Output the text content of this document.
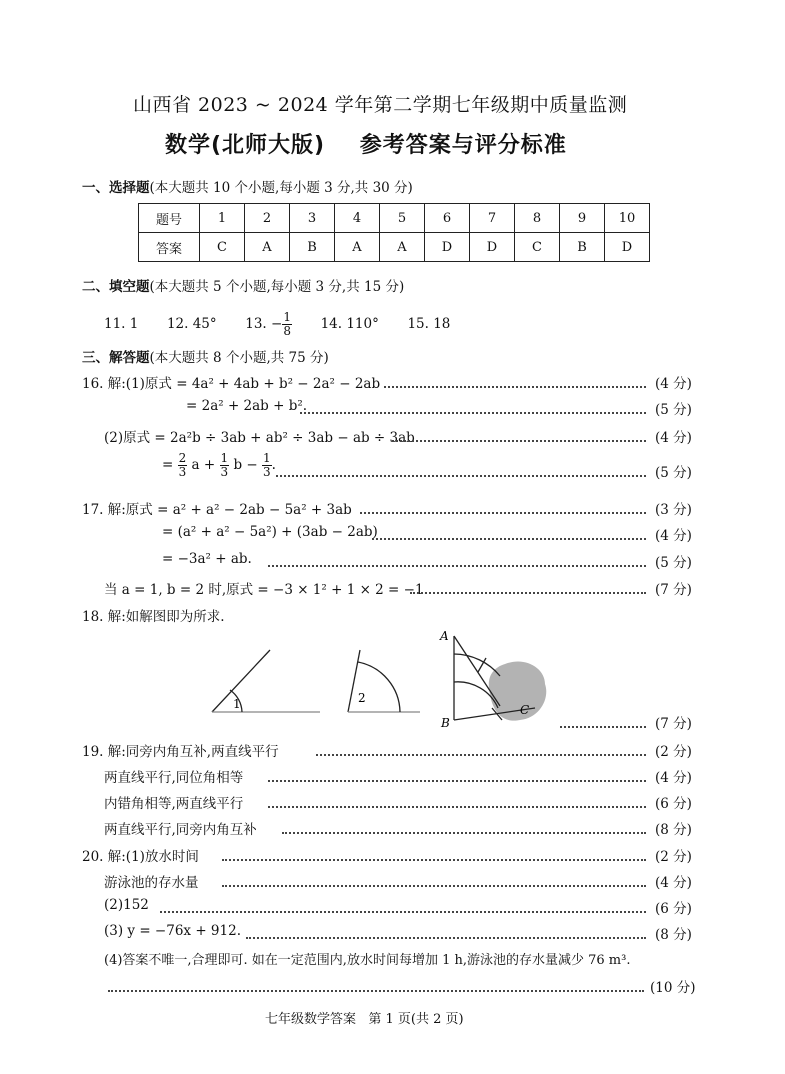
山西省 2023 ~ 2024 学年第二学期七年级期中质量监测
数学(北师大版)    参考答案与评分标准
一、选择题(本大题共 10 个小题,每小题 3 分,共 30 分)
题号	1	2	3	4	5	6	7	8	9	10
答案	C	A	B	A	A	D	D	C	B	D
二、填空题(本大题共 5 个小题,每小题 3 分,共 15 分)
11. 1 12. 45° 13. − $\frac{1}{8} 14$. 110° 15. 18
三、解答题(本大题共 8 个小题,共 75 分)
16. 解:(1)原式 = 4a² + 4ab + b² − 2a² − 2ab	(4 分)
= 2a² + 2ab + b².	(5 分)
(2)原式 = 2a²b ÷ 3ab + ab² ÷ 3ab − ab ÷ 3ab	(4 分)
= $\frac{2}{3}$ $a + \frac{1}{3}$ $b - \frac{1}{3}$ .	(5 分)
17. 解:原式 = a² + a² − 2ab − 5a² + 3ab	(3 分)
= (a² + a² − 5a²) + (3ab − 2ab)	(4 分)
= −3a² + ab.	(5 分)
当 a = 1, b = 2 时,原式 = −3 × 1² + 1 × 2 = −1.	(7 分)
18. 解:如解图即为所求.
1	2
A
B
C
(7 分)
19. 解:同旁内角互补,两直线平行	(2 分)
两直线平行,同位角相等	(4 分)
内错角相等,两直线平行	(6 分)
两直线平行,同旁内角互补	(8 分)
20. 解:(1)放水时间	(2 分)
游泳池的存水量	(4 分)
(2)152	(6 分)
(3) y = −76x + 912.	(8 分)
(4)答案不唯一,合理即可. 如在一定范围内,放水时间每增加 1 h,游泳池的存水量减少 76 m³.
(10 分)
七年级数学答案   第 1 页(共 2 页)
